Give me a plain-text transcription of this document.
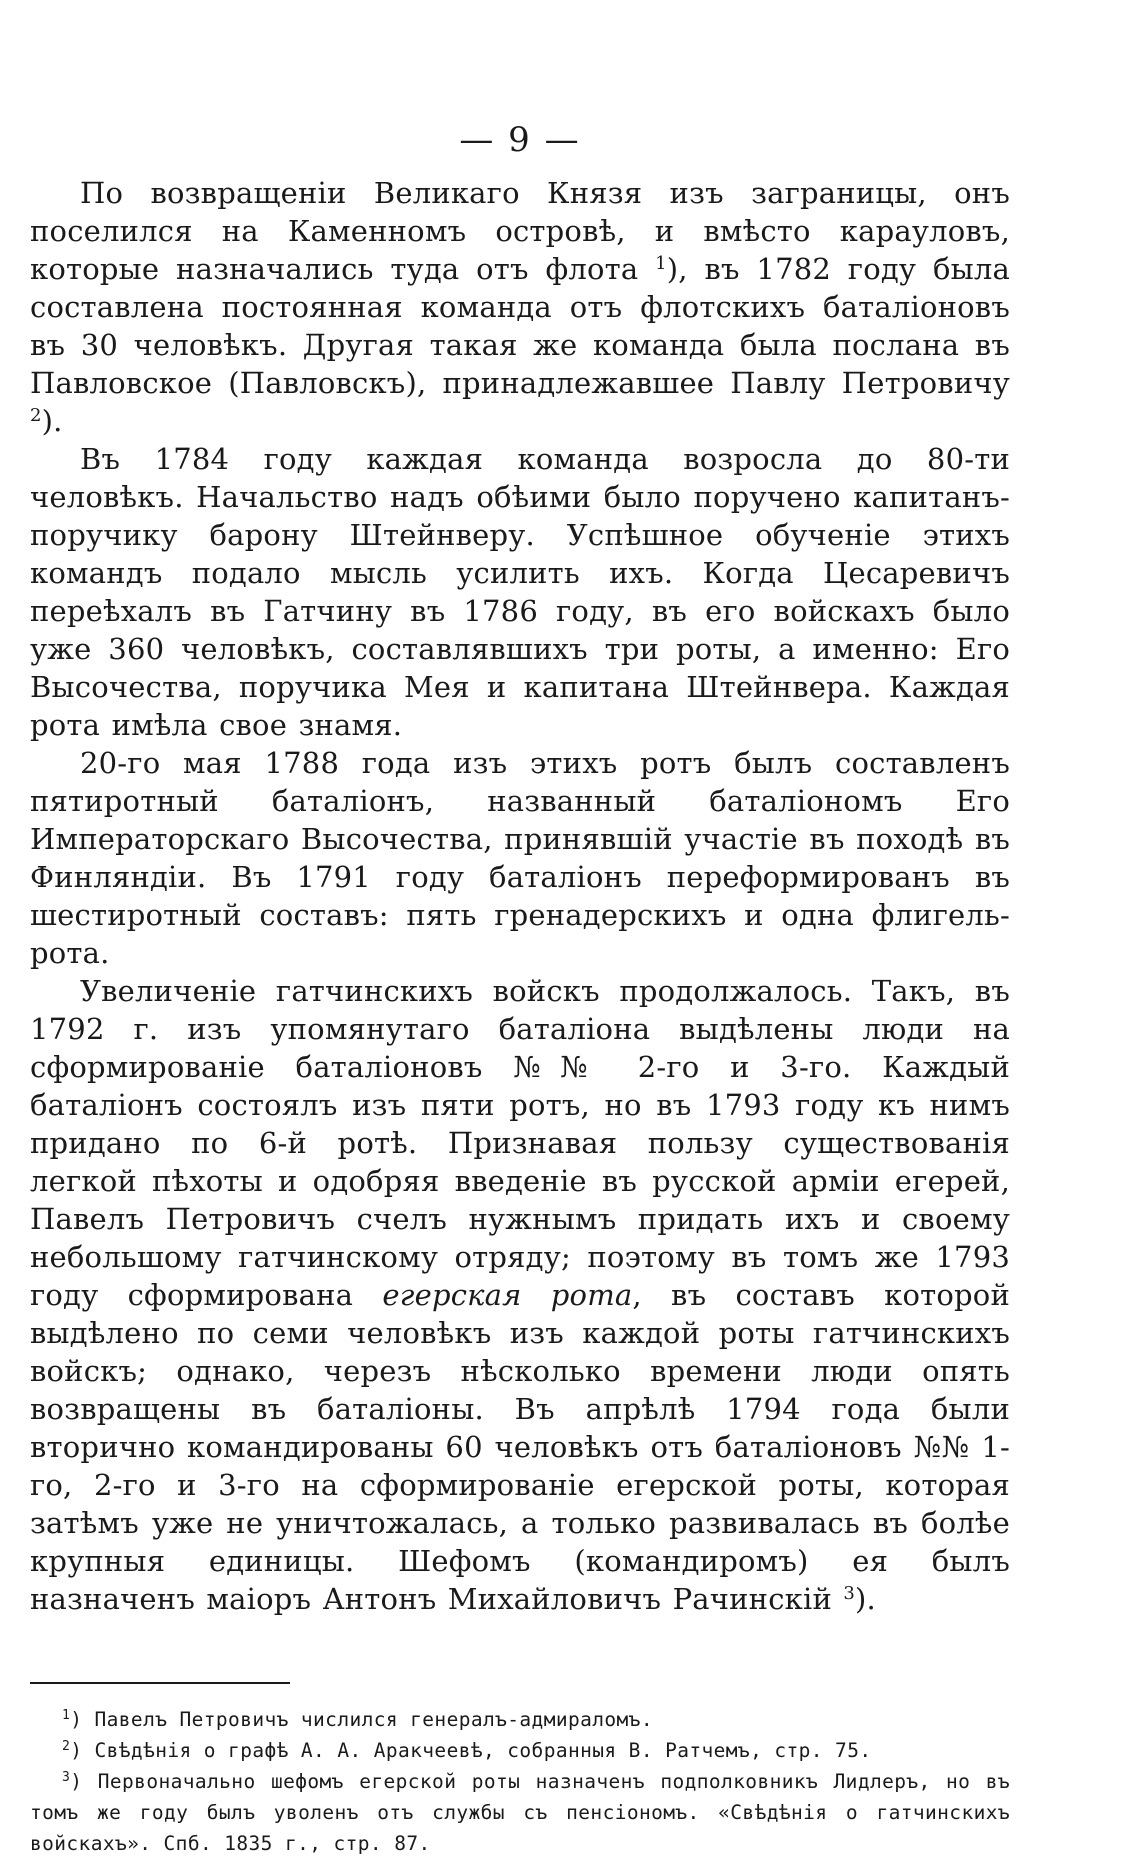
— 9 —

По возвращеніи Великаго Князя изъ заграницы, онъ поселился на Каменномъ островѣ, и вмѣсто карауловъ, которые назначались туда отъ флота $^1$), въ 1782 году была составлена постоянная команда отъ флотскихъ баталіоновъ въ 30 человѣкъ. Другая такая же команда была послана въ Павловское (Павловскъ), принадлежавшее Павлу Петровичу $^2$).

Въ 1784 году каждая команда возросла до 80-ти человѣкъ. Начальство надъ обѣими было поручено капитанъ-поручику барону Штейнверу. Успѣшное обученіе этихъ командъ подало мысль усилить ихъ. Когда Цесаревичъ переѣхалъ въ Гатчину въ 1786 году, въ его войскахъ было уже 360 человѣкъ, составлявшихъ три роты, а именно: Его Высочества, поручика Мея и капитана Штейнвера. Каждая рота имѣла свое знамя.

20-го мая 1788 года изъ этихъ ротъ былъ составленъ пятиротный баталіонъ, названный баталіономъ Его Императорскаго Высочества, принявшій участіе въ походѣ въ Финляндіи. Въ 1791 году баталіонъ переформированъ въ шестиротный составъ: пять гренадерскихъ и одна флигель-рота.

Увеличеніе гатчинскихъ войскъ продолжалось. Такъ, въ 1792 г. изъ упомянутаго баталіона выдѣлены люди на сформированіе баталіоновъ №№ 2-го и 3-го. Каждый баталіонъ состоялъ изъ пяти ротъ, но въ 1793 году къ нимъ придано по 6-й ротѣ. Признавая пользу существованія легкой пѣхоты и одобряя введеніе въ русской арміи егерей, Павелъ Петровичъ счелъ нужнымъ придать ихъ и своему небольшому гатчинскому отряду; поэтому въ томъ же 1793 году сформирована егерская рота, въ составъ которой выдѣлено по семи человѣкъ изъ каждой роты гатчинскихъ войскъ; однако, черезъ нѣсколько времени люди опять возвращены въ баталіоны. Въ апрѣлѣ 1794 года были вторично командированы 60 человѣкъ отъ баталіоновъ №№ 1-го, 2-го и 3-го на сформированіе егерской роты, которая затѣмъ уже не уничтожалась, а только развивалась въ болѣе крупныя единицы. Шефомъ (командиромъ) ея былъ назначенъ маіоръ Антонъ Михайловичъ Рачинскій $^3$).

$^1$) Павелъ Петровичъ числился генералъ-адмираломъ.

$^2$) Свѣдѣнія о графѣ А. А. Аракчеевѣ, собранныя В. Ратчемъ, стр. 75.

$^3$) Первоначально шефомъ егерской роты назначенъ подполковникъ Лидлеръ, но въ томъ же году былъ уволенъ отъ службы съ пенсіономъ. «Свѣдѣнія о гатчинскихъ войскахъ». Спб. 1835 г., стр. 87.
